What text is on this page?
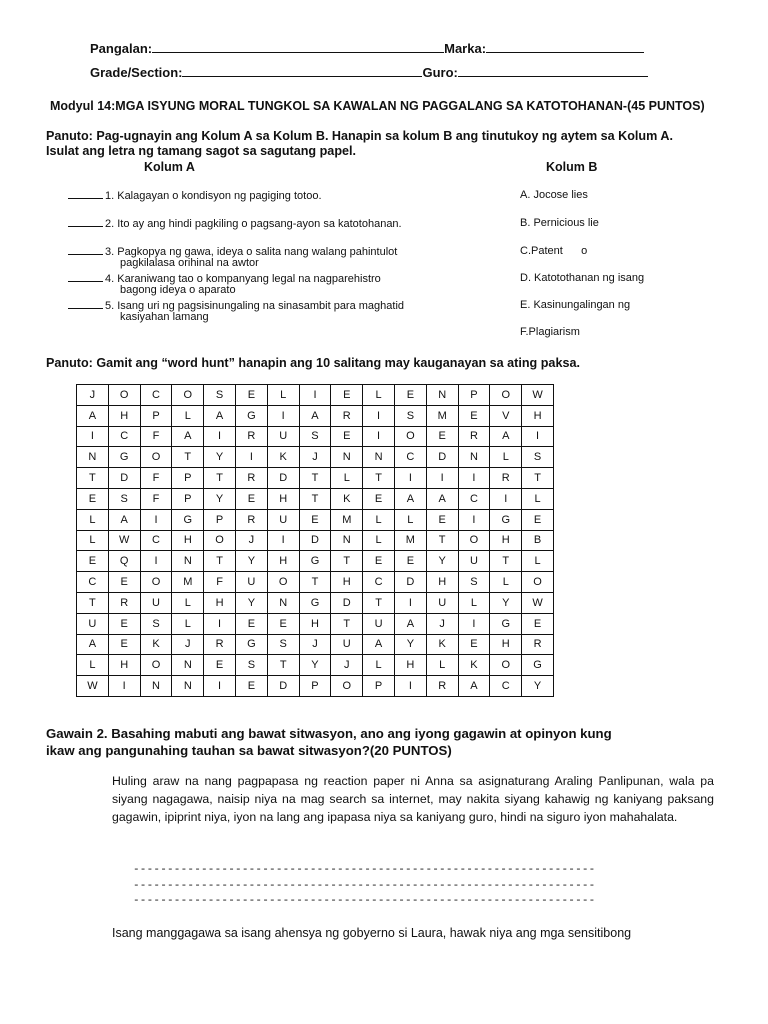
Pangalan:	Marka:
Grade/Section:	Guro:
Modyul 14:MGA ISYUNG MORAL TUNGKOL SA KAWALAN NG PAGGALANG SA KATOTOHANAN-(45 PUNTOS)
Panuto: Pag-ugnayin ang Kolum A sa Kolum B. Hanapin sa kolum B ang tinutukoy ng aytem sa Kolum A.
Isulat ang letra ng tamang sagot sa sagutang papel.
Kolum A	Kolum B
1. Kalagayan o kondisyon ng pagiging totoo.
2. Ito ay ang hindi pagkiling o pagsang-ayon sa katotohanan.
3. Pagkopya ng gawa, ideya o salita nang walang pahintulot
pagkilalasa orihinal na awtor
4. Karaniwang tao o kompanyang legal na nagparehistro
bagong ideya o aparato
5. Isang uri ng pagsisinungaling na sinasambit para maghatid
kasiyahan lamang
A. Jocose lies
B. Pernicious lie
C.Patent      o
D. Katotothanan ng isang
E. Kasinungalingan ng
F.Plagiarism
Panuto: Gamit ang “word hunt” hanapin ang 10 salitang may kauganayan sa ating paksa.
J	O	C	O	S	E	L	I	E	L	E	N	P	O	W
A	H	P	L	A	G	I	A	R	I	S	M	E	V	H
I	C	F	A	I	R	U	S	E	I	O	E	R	A	I
N	G	O	T	Y	I	K	J	N	N	C	D	N	L	S
T	D	F	P	T	R	D	T	L	T	I	I	I	R	T
E	S	F	P	Y	E	H	T	K	E	A	A	C	I	L
L	A	I	G	P	R	U	E	M	L	L	E	I	G	E
L	W	C	H	O	J	I	D	N	L	M	T	O	H	B
E	Q	I	N	T	Y	H	G	T	E	E	Y	U	T	L
C	E	O	M	F	U	O	T	H	C	D	H	S	L	O
T	R	U	L	H	Y	N	G	D	T	I	U	L	Y	W
U	E	S	L	I	E	E	H	T	U	A	J	I	G	E
A	E	K	J	R	G	S	J	U	A	Y	K	E	H	R
L	H	O	N	E	S	T	Y	J	L	H	L	K	O	G
W	I	N	N	I	E	D	P	O	P	I	R	A	C	Y
Gawain 2. Basahing mabuti ang bawat sitwasyon, ano ang iyong gagawin at opinyon kung
ikaw ang pangunahing tauhan sa bawat sitwasyon?(20 PUNTOS)
Huling araw na nang pagpapasa ng reaction paper ni Anna sa asignaturang Araling Panlipunan, wala pa siyang nagagawa, naisip niya na mag search sa internet, may nakita siyang kahawig ng kaniyang paksang gagawin, ipiprint niya, iyon na lang ang ipapasa niya sa kaniyang guro, hindi na siguro iyon mahahalata.
--------------------------------------------------------------------
--------------------------------------------------------------------
--------------------------------------------------------------------
Isang manggagawa sa isang ahensya ng gobyerno si Laura, hawak niya ang mga sensitibong
